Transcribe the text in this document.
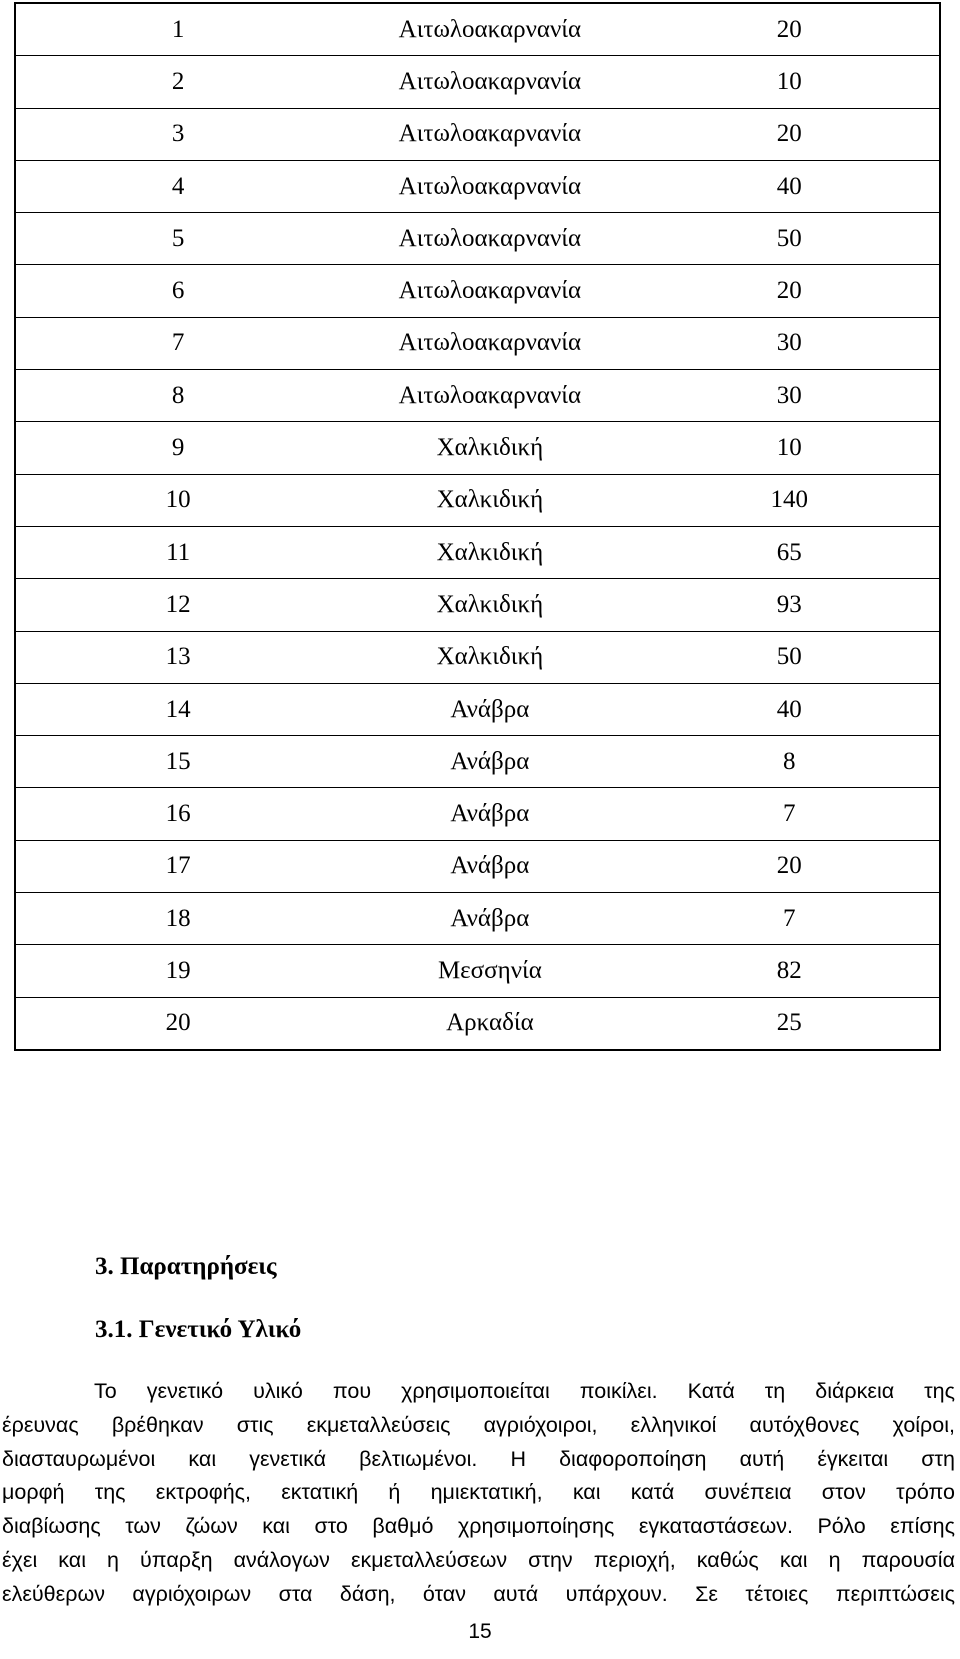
1	Αιτωλοακαρνανία	20
2	Αιτωλοακαρνανία	10
3	Αιτωλοακαρνανία	20
4	Αιτωλοακαρνανία	40
5	Αιτωλοακαρνανία	50
6	Αιτωλοακαρνανία	20
7	Αιτωλοακαρνανία	30
8	Αιτωλοακαρνανία	30
9	Χαλκιδική	10
10	Χαλκιδική	140
11	Χαλκιδική	65
12	Χαλκιδική	93
13	Χαλκιδική	50
14	Ανάβρα	40
15	Ανάβρα	8
16	Ανάβρα	7
17	Ανάβρα	20
18	Ανάβρα	7
19	Μεσσηνία	82
20	Αρκαδία	25
3. Παρατηρήσεις
3.1. Γενετικό Υλικό

Το γενετικό υλικό που χρησιμοποιείται ποικίλει. Κατά τη διάρκεια της
έρευνας βρέθηκαν στις εκμεταλλεύσεις αγριόχοιροι, ελληνικοί αυτόχθονες χοίροι,
διασταυρωμένοι και γενετικά βελτιωμένοι. Η διαφοροποίηση αυτή έγκειται στη
μορφή της εκτροφής, εκτατική ή ημιεκτατική, και κατά συνέπεια στον τρόπο
διαβίωσης των ζώων και στο βαθμό χρησιμοποίησης εγκαταστάσεων. Ρόλο επίσης
έχει και η ύπαρξη ανάλογων εκμεταλλεύσεων στην περιοχή, καθώς και η παρουσία
ελεύθερων αγριόχοιρων στα δάση, όταν αυτά υπάρχουν. Σε τέτοιες περιπτώσεις

15
